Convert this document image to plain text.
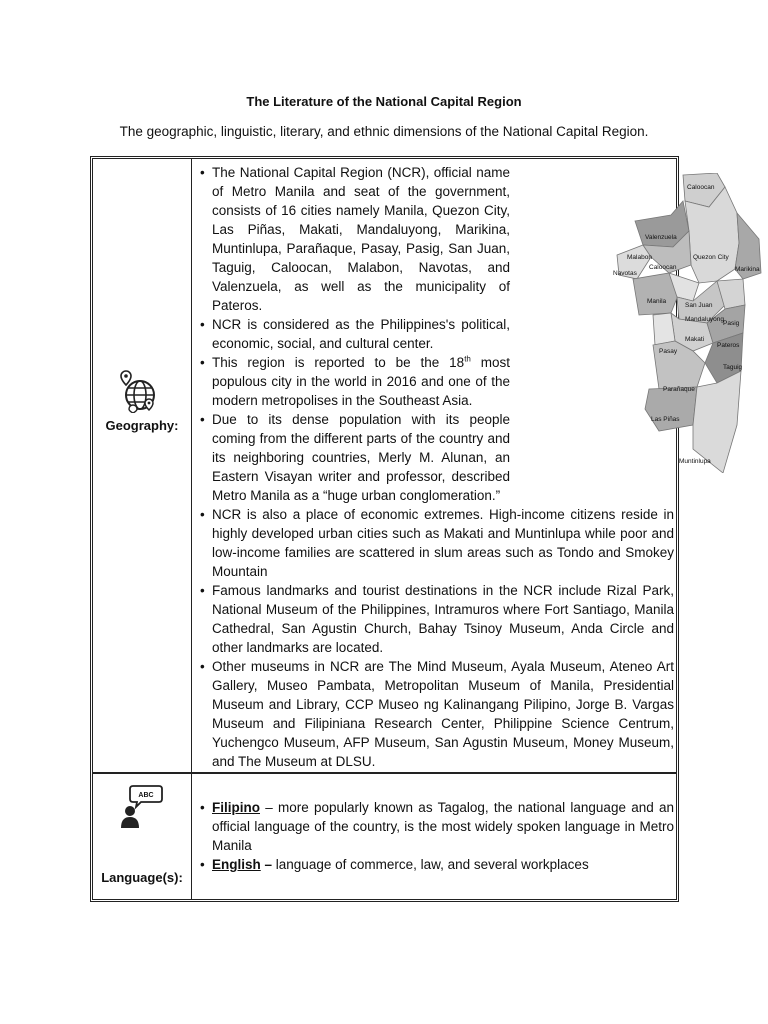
The Literature of the National Capital Region
The geographic, linguistic, literary, and ethnic dimensions of the National Capital Region.
Geography:
• The National Capital Region (NCR), official name of Metro Manila and seat of the government, consists of 16 cities namely Manila, Quezon City, Las Piñas, Makati, Mandaluyong, Marikina, Muntinlupa, Parañaque, Pasay, Pasig, San Juan, Taguig, Caloocan, Malabon, Navotas, and Valenzuela, as well as the municipality of Pateros.
• NCR is considered as the Philippines's political, economic, social, and cultural center.
• This region is reported to be the 18th most populous city in the world in 2016 and one of the modern metropolises in the Southeast Asia.
• Due to its dense population with its people coming from the different parts of the country and its neighboring countries, Merly M. Alunan, an Eastern Visayan writer and professor, described Metro Manila as a “huge urban conglomeration.”
• NCR is also a place of economic extremes. High-income citizens reside in highly developed urban cities such as Makati and Muntinlupa while poor and low-income families are scattered in slum areas such as Tondo and Smokey Mountain
• Famous landmarks and tourist destinations in the NCR include Rizal Park, National Museum of the Philippines, Intramuros where Fort Santiago, Manila Cathedral, San Agustin Church, Bahay Tsinoy Museum, Anda Circle and other landmarks are located.
• Other museums in NCR are The Mind Museum, Ayala Museum, Ateneo Art Gallery, Museo Pambata, Metropolitan Museum of Manila, Presidential Museum and Library, CCP Museo ng Kalinangang Pilipino, Jorge B. Vargas Museum and Filipiniana Research Center, Philippine Science Centrum, Yuchengco Museum, AFP Museum, San Agustin Museum, Money Museum, and The Museum at DLSU.
Caloocan
Valenzuela
Malabon
Navotas
Caloocan
Quezon City
Marikina
Manila
San Juan
Mandaluyong
Pasig
Makati
Pateros
Pasay
Taguig
Parañaque
Las Piñas
Muntinlupa
ABC
Language(s):
• Filipino – more popularly known as Tagalog, the national language and an official language of the country, is the most widely spoken language in Metro Manila
• English – language of commerce, law, and several workplaces
